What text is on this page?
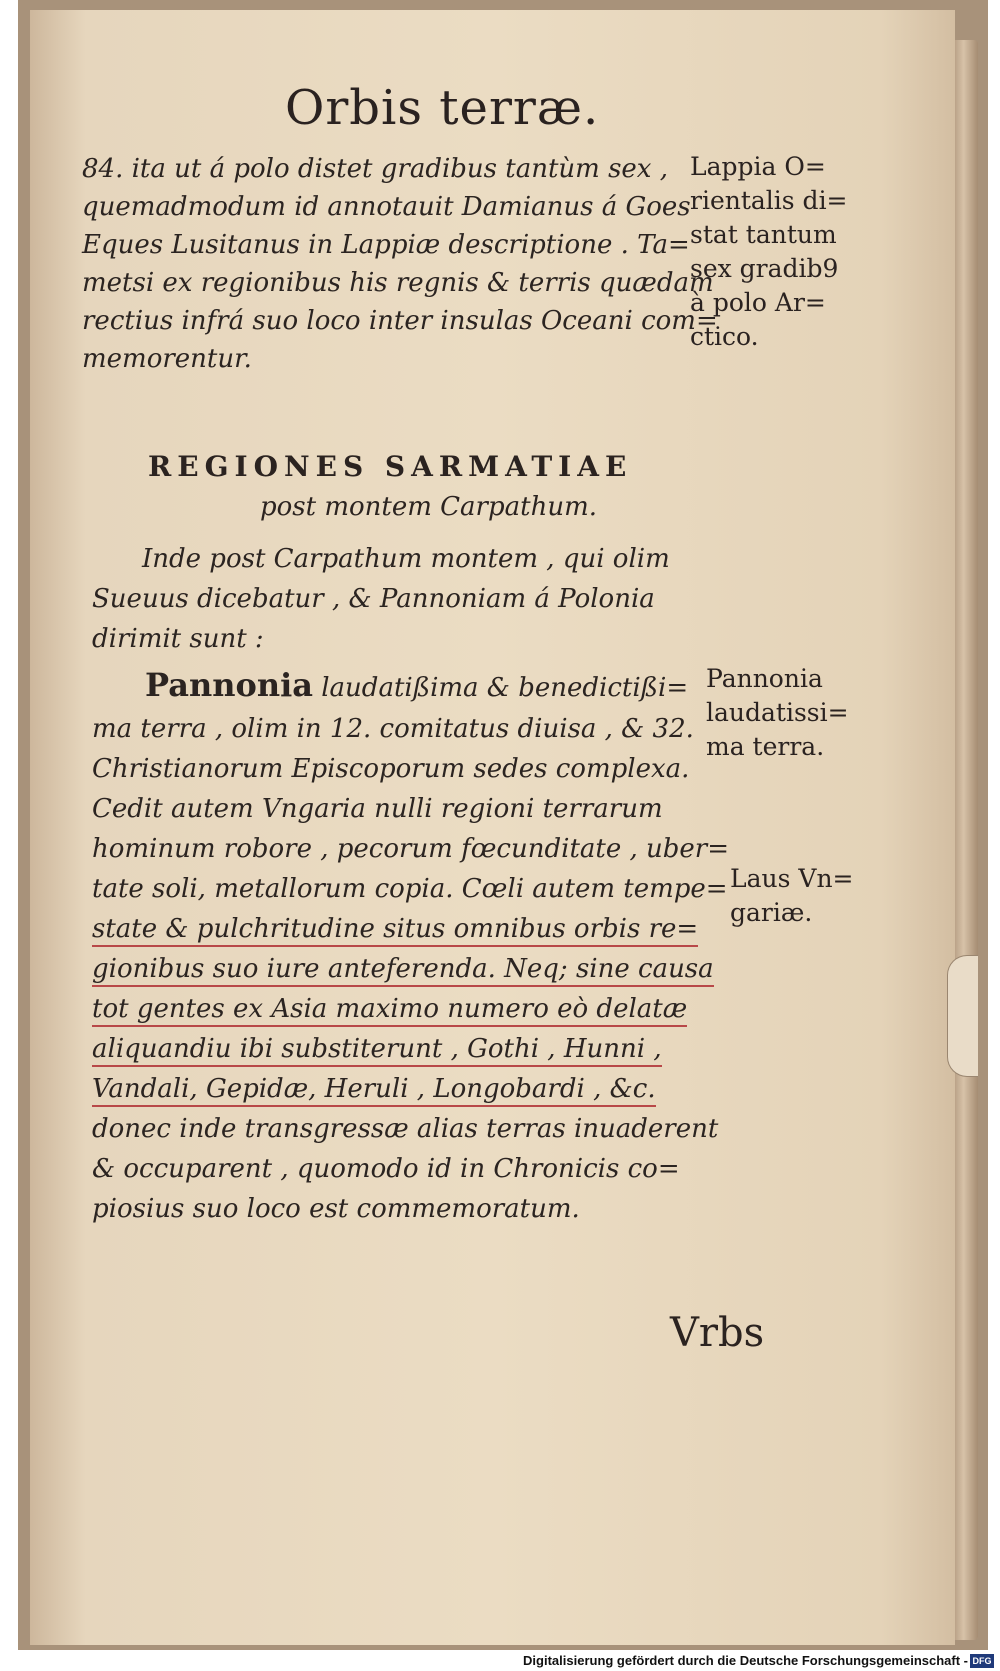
Orbis terræ.
84. ita ut á polo distet gradibus tantùm sex ,
quemadmodum id annotauit Damianus á Goes
Eques Lusitanus in Lappiæ descriptione . Ta=
metsi ex regionibus his regnis & terris quædam
rectius infrá suo loco inter insulas Oceani com=
memorentur.
Lappia O=
rientalis di=
stat tantum
sex gradib9
à polo Ar=
ctico.
REGIONES SARMATIAE
post montem Carpathum.
Inde post Carpathum montem , qui olim
Sueuus dicebatur , & Pannoniam á Polonia
dirimit sunt :
Pannonia laudatißima & benedictißi=
ma terra , olim in 12. comitatus diuisa , & 32.
Christianorum Episcoporum sedes complexa.
Cedit autem Vngaria nulli regioni terrarum
hominum robore , pecorum fœcunditate , uber=
tate soli, metallorum copia. Cœli autem tempe=
state & pulchritudine situs omnibus orbis re=
gionibus suo iure anteferenda. Neq; sine causa
tot gentes ex Asia maximo numero eò delatæ
aliquandiu ibi substiterunt , Gothi , Hunni ,
Vandali, Gepidæ, Heruli , Longobardi , &c.
donec inde transgressæ alias terras inuaderent
& occuparent , quomodo id in Chronicis co=
piosius suo loco est commemoratum.
Pannonia
laudatissi=
ma terra.
Laus Vn=
gariæ.
Vrbs
Digitalisierung gefördert durch die Deutsche Forschungsgemeinschaft - DFG
